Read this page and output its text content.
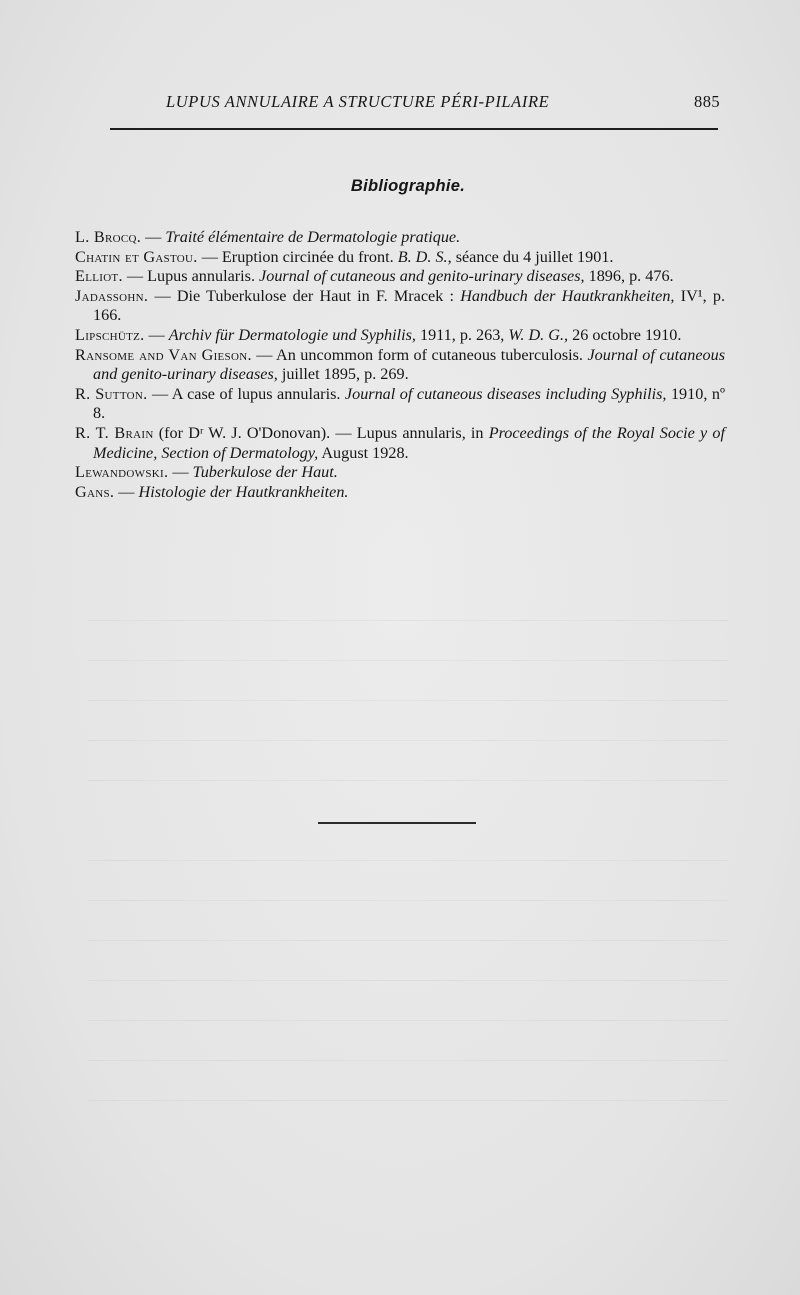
LUPUS ANNULAIRE A STRUCTURE PÉRI-PILAIRE	885
Bibliographie.
L. Brocq. — Traité élémentaire de Dermatologie pratique.
Chatin et Gastou. — Eruption circinée du front. B. D. S., séance du 4 juillet 1901.
Elliot. — Lupus annularis. Journal of cutaneous and genito-urinary diseases, 1896, p. 476.
Jadassohn. — Die Tuberkulose der Haut in F. Mracek : Handbuch der Hautkrankheiten, IV¹, p. 166.
Lipschütz. — Archiv für Dermatologie und Syphilis, 1911, p. 263, W. D. G., 26 octobre 1910.
Ransome and Van Gieson. — An uncommon form of cutaneous tuberculosis. Journal of cutaneous and genito-urinary diseases, juillet 1895, p. 269.
R. Sutton. — A case of lupus annularis. Journal of cutaneous diseases including Syphilis, 1910, nº 8.
R. T. Brain (for Dʳ W. J. O'Donovan). — Lupus annularis, in Proceedings of the Royal Socie y of Medicine, Section of Dermatology, August 1928.
Lewandowski. — Tuberkulose der Haut.
Gans. — Histologie der Hautkrankheiten.
